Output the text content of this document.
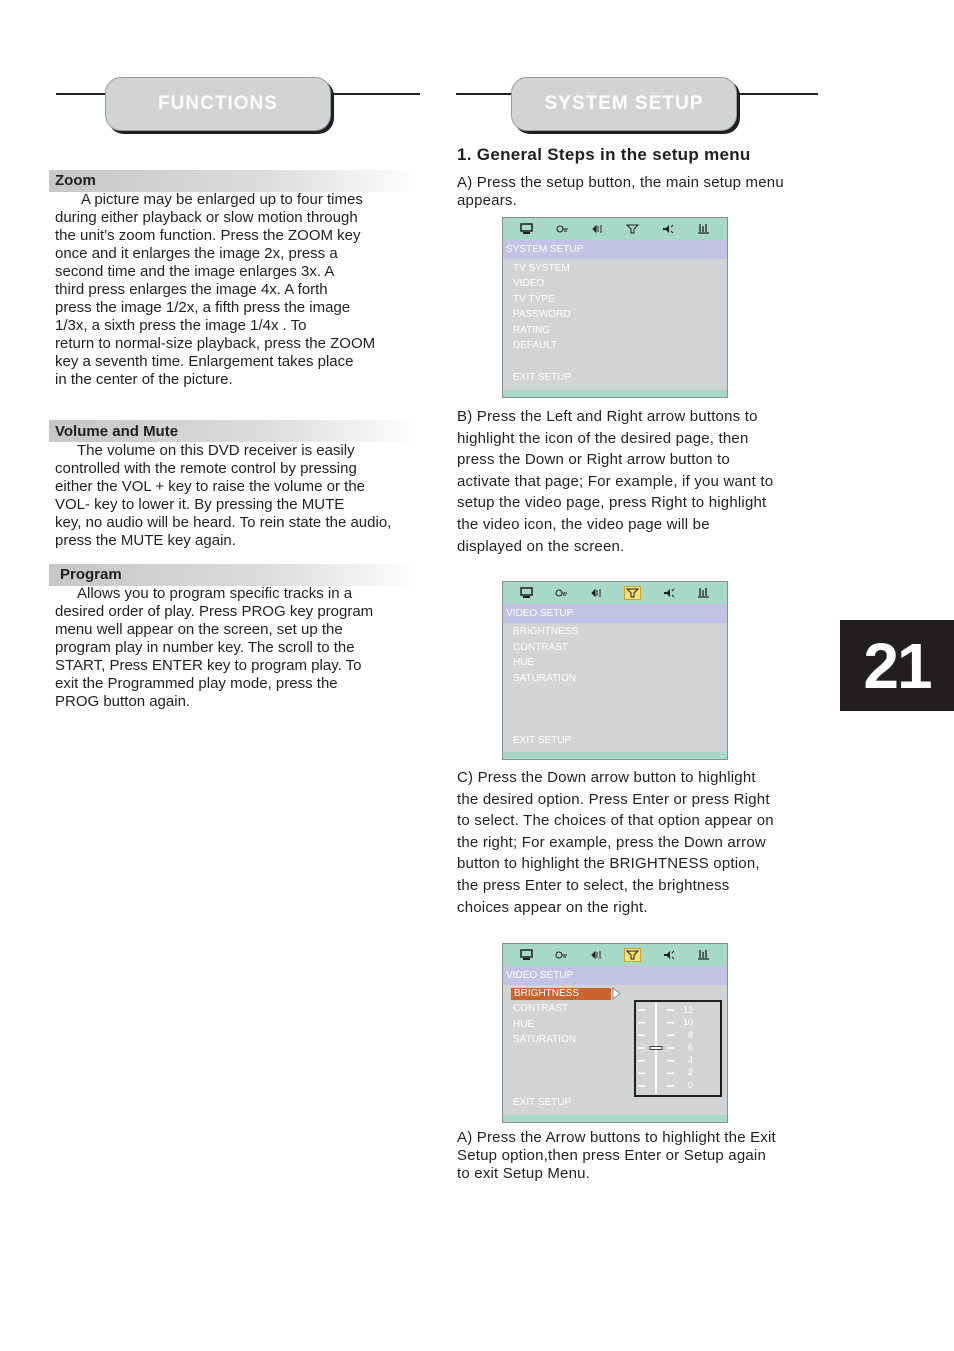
FUNCTIONS	SYSTEM SETUP
Zoom

A picture may be enlarged up to four times

during either playback or slow motion through

the unit's zoom function. Press the ZOOM key

once and it enlarges the image 2x, press a

second time and the image enlarges 3x. A

third press enlarges the image 4x. A forth

press the image 1/2x, a fifth press the image

1/3x, a sixth press the image 1/4x . To

return to normal-size playback, press the ZOOM

key a seventh time. Enlargement takes place

in the center of the picture.

Volume and Mute

The volume on this DVD receiver is easily

controlled with the remote control by pressing

either the VOL + key to raise the volume or the

VOL- key to lower it. By pressing the MUTE

key, no audio will be heard. To rein state the audio,

press the MUTE key again.

Program

Allows you to program specific tracks in a

desired order of play. Press PROG key program

menu well appear on the screen, set up the

program play in number key. The scroll to the

START, Press ENTER key to program play. To

exit the Programmed play mode, press the

PROG button again.

1. General Steps in the setup menu
A) Press the setup button, the main setup menu
appears.
SYSTEM SETUP
TV SYSTEM
VIDEO
TV TYPE
PASSWORD
RATING
DEFAULT
EXIT SETUP
B) Press the Left and Right arrow buttons to
highlight the icon of the desired page, then
press the Down or Right arrow button to
activate that page; For example, if you want to
setup the video page, press Right to highlight
the video icon, the video page will be
displayed on the screen.
VIDEO SETUP
BRIGHTNESS
CONTRAST
HUE
SATURATION
EXIT SETUP
C) Press the Down arrow button to highlight
the desired option. Press Enter or press Right
to select. The choices of that option appear on
the right; For example, press the Down arrow
button to highlight the BRIGHTNESS option,
the press Enter to select, the brightness
choices appear on the right.
VIDEO SETUP
BRIGHTNESS
CONTRAST
HUE
SATURATION
EXIT SETUP
12
10
8
6
4
2
0
A) Press the Arrow buttons to highlight the Exit
Setup option,then press Enter or Setup again
to exit Setup Menu.
21
